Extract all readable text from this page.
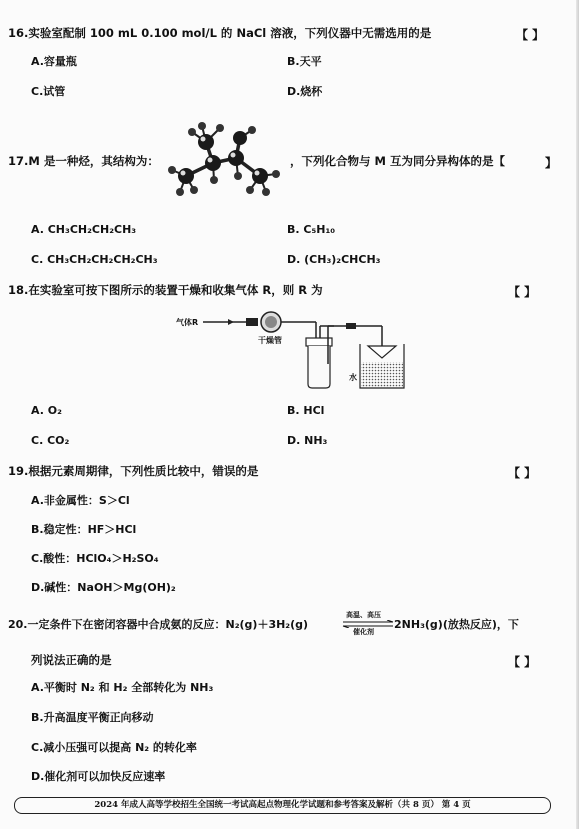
16.实验室配制 100 mL 0.100 mol/L 的 NaCl 溶液，下列仪器中无需选用的是	【 】
A.容量瓶	B.天平
C.试管	D.烧杯
17.M 是一种烃，其结构为：	，下列化合物与 M 互为同分异构体的是【	】
A. CH₃CH₂CH₂CH₃	B. C₅H₁₀
C. CH₃CH₂CH₂CH₂CH₃	D. (CH₃)₂CHCH₃
18.在实验室可按下图所示的装置干燥和收集气体 R，则 R 为	【 】
气体R
干燥管
水
A. O₂	B. HCl
C. CO₂	D. NH₃
19.根据元素周期律，下列性质比较中，错误的是	【 】
A.非金属性：S＞Cl
B.稳定性：HF＞HCl
C.酸性：HClO₄＞H₂SO₄
D.碱性：NaOH＞Mg(OH)₂
20.一定条件下在密闭容器中合成氨的反应：N₂(g)＋3H₂(g)
高温、高压
催化剂
2NH₃(g)(放热反应)，下
列说法正确的是	【 】
A.平衡时 N₂ 和 H₂ 全部转化为 NH₃
B.升高温度平衡正向移动
C.减小压强可以提高 N₂ 的转化率
D.催化剂可以加快反应速率
2024 年成人高等学校招生全国统一考试高起点物理化学试题和参考答案及解析（共 8 页） 第 4 页
